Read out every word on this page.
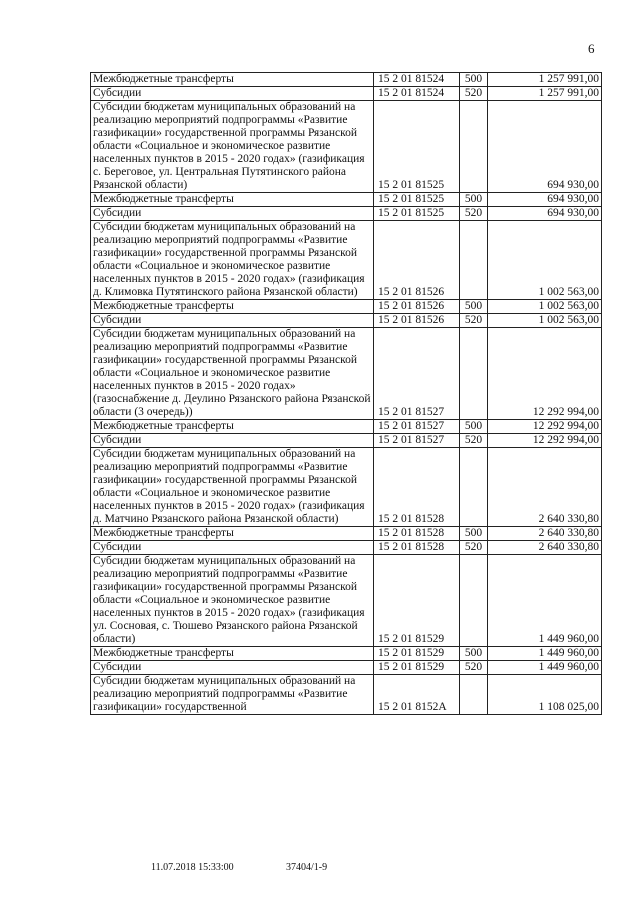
6
Межбюджетные трансферты	15 2 01 81524	500	1 257 991,00
Субсидии	15 2 01 81524	520	1 257 991,00
Субсидии бюджетам муниципальных образований на реализацию мероприятий подпрограммы «Развитие газификации» государственной программы Рязанской области «Социальное и экономическое развитие населенных пунктов в 2015 - 2020 годах» (газификация с. Береговое, ул. Центральная Путятинского района Рязанской области)	15 2 01 81525		694 930,00
Межбюджетные трансферты	15 2 01 81525	500	694 930,00
Субсидии	15 2 01 81525	520	694 930,00
Субсидии бюджетам муниципальных образований на реализацию мероприятий подпрограммы «Развитие газификации» государственной программы Рязанской области «Социальное и экономическое развитие населенных пунктов в 2015 - 2020 годах» (газификация д. Климовка Путятинского района Рязанской области)	15 2 01 81526		1 002 563,00
Межбюджетные трансферты	15 2 01 81526	500	1 002 563,00
Субсидии	15 2 01 81526	520	1 002 563,00
Субсидии бюджетам муниципальных образований на реализацию мероприятий подпрограммы «Развитие газификации» государственной программы Рязанской области «Социальное и экономическое развитие населенных пунктов в 2015 - 2020 годах» (газоснабжение д. Деулино Рязанского района Рязанской области (3 очередь))	15 2 01 81527		12 292 994,00
Межбюджетные трансферты	15 2 01 81527	500	12 292 994,00
Субсидии	15 2 01 81527	520	12 292 994,00
Субсидии бюджетам муниципальных образований на реализацию мероприятий подпрограммы «Развитие газификации» государственной программы Рязанской области «Социальное и экономическое развитие населенных пунктов в 2015 - 2020 годах» (газификация д. Матчино Рязанского района Рязанской области)	15 2 01 81528		2 640 330,80
Межбюджетные трансферты	15 2 01 81528	500	2 640 330,80
Субсидии	15 2 01 81528	520	2 640 330,80
Субсидии бюджетам муниципальных образований на реализацию мероприятий подпрограммы «Развитие газификации» государственной программы Рязанской области «Социальное и экономическое развитие населенных пунктов в 2015 - 2020 годах» (газификация ул. Сосновая, с. Тюшево Рязанского района Рязанской области)	15 2 01 81529		1 449 960,00
Межбюджетные трансферты	15 2 01 81529	500	1 449 960,00
Субсидии	15 2 01 81529	520	1 449 960,00
Субсидии бюджетам муниципальных образований на реализацию мероприятий подпрограммы «Развитие газификации» государственной	15 2 01 8152А		1 108 025,00
11.07.2018 15:33:00	37404/1-9
